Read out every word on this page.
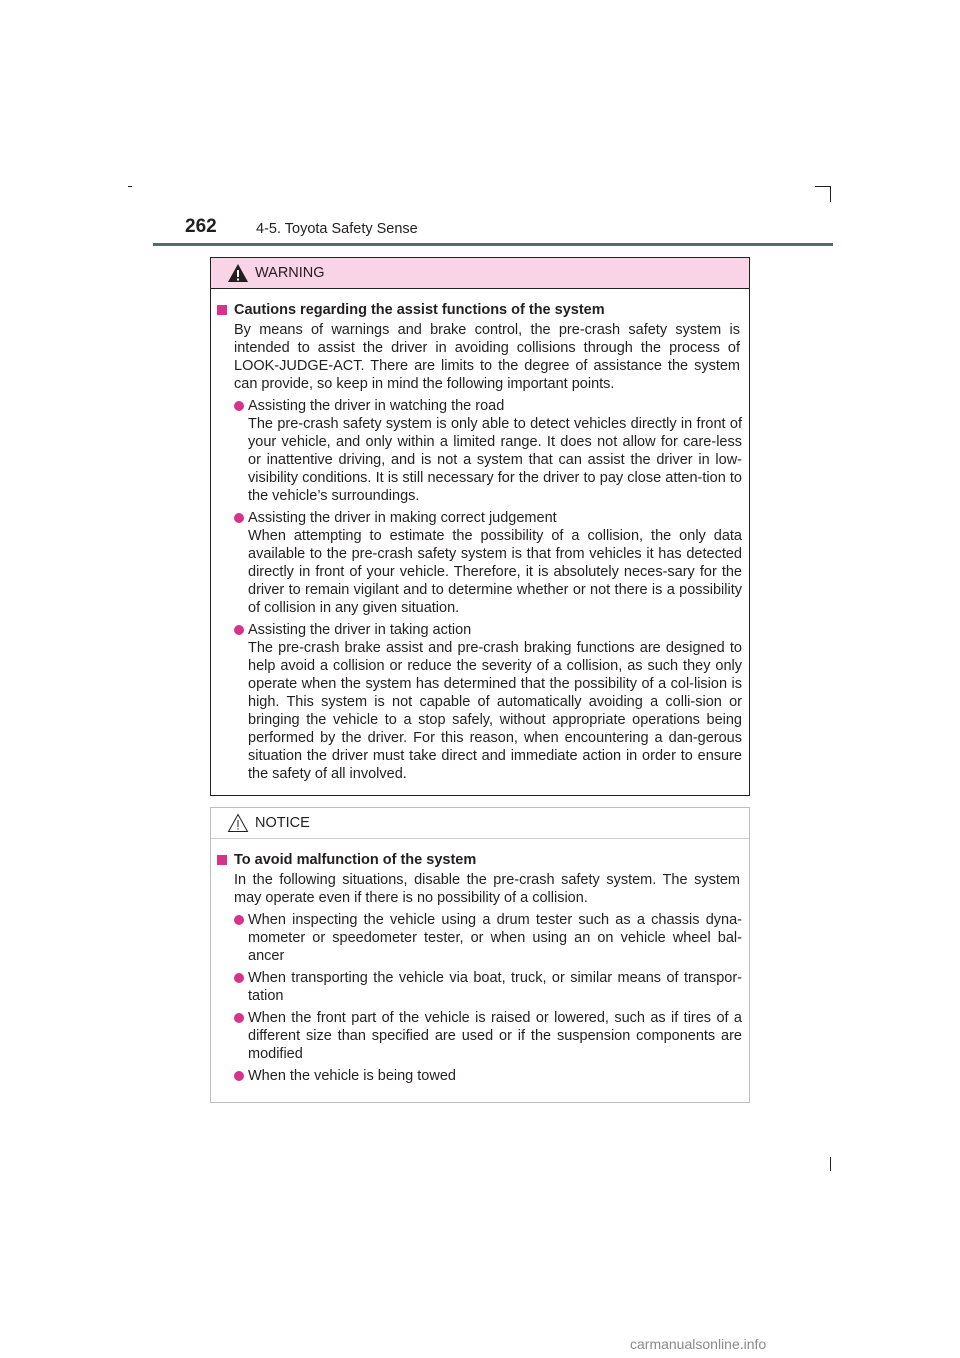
262	4-5. Toyota Safety Sense
WARNING
Cautions regarding the assist functions of the system
By means of warnings and brake control, the pre-crash safety system is intended to assist the driver in avoiding collisions through the process of LOOK-JUDGE-ACT. There are limits to the degree of assistance the system can provide, so keep in mind the following important points.
Assisting the driver in watching the road
The pre-crash safety system is only able to detect vehicles directly in front of your vehicle, and only within a limited range. It does not allow for care-less or inattentive driving, and is not a system that can assist the driver in low-visibility conditions. It is still necessary for the driver to pay close atten-tion to the vehicle’s surroundings.
Assisting the driver in making correct judgement
When attempting to estimate the possibility of a collision, the only data available to the pre-crash safety system is that from vehicles it has detected directly in front of your vehicle. Therefore, it is absolutely neces-sary for the driver to remain vigilant and to determine whether or not there is a possibility of collision in any given situation.
Assisting the driver in taking action
The pre-crash brake assist and pre-crash braking functions are designed to help avoid a collision or reduce the severity of a collision, as such they only operate when the system has determined that the possibility of a col-lision is high. This system is not capable of automatically avoiding a colli-sion or bringing the vehicle to a stop safely, without appropriate operations being performed by the driver. For this reason, when encountering a dan-gerous situation the driver must take direct and immediate action in order to ensure the safety of all involved.
NOTICE
To avoid malfunction of the system
In the following situations, disable the pre-crash safety system. The system may operate even if there is no possibility of a collision.
When inspecting the vehicle using a drum tester such as a chassis dyna-mometer or speedometer tester, or when using an on vehicle wheel bal-ancer
When transporting the vehicle via boat, truck, or similar means of transpor-tation
When the front part of the vehicle is raised or lowered, such as if tires of a different size than specified are used or if the suspension components are modified
When the vehicle is being towed
carmanualsonline.info
